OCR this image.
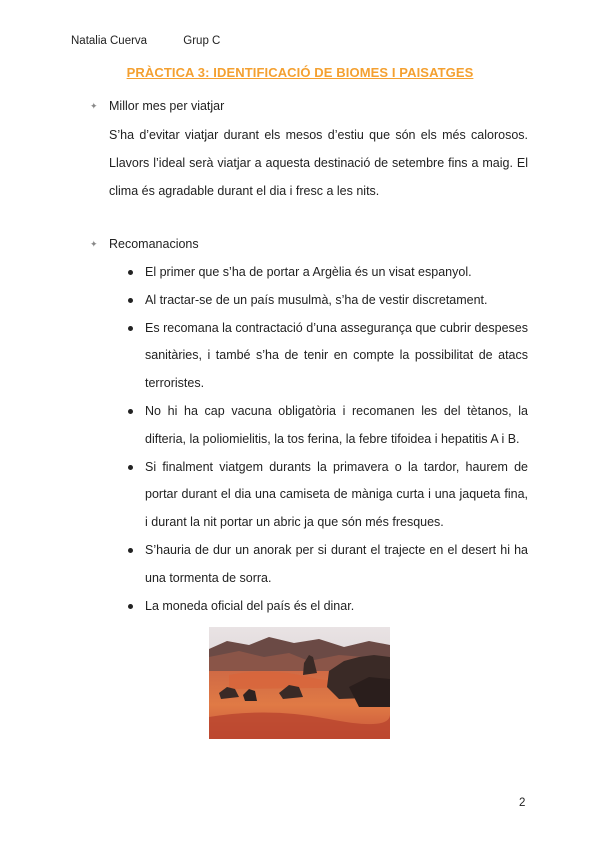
Natalia Cuerva	Grup C
PRÀCTICA 3: IDENTIFICACIÓ DE BIOMES I PAISATGES
✦ Millor mes per viatjar
S’ha d’evitar viatjar durant els mesos d’estiu que són els més calorosos. Llavors l’ideal serà viatjar a aquesta destinació de setembre fins a maig. El clima és agradable durant el dia i fresc a les nits.
✦ Recomanacions
El primer que s’ha de portar a Argèlia és un visat espanyol.
Al tractar-se de un país musulmà, s’ha de vestir discretament.
Es recomana la contractació d’una assegurança que cubrir despeses sanitàries, i també s’ha de tenir en compte la possibilitat de atacs terroristes.
No hi ha cap vacuna obligatòria i recomanen les del tètanos, la difteria, la poliomielitis, la tos ferina, la febre tifoidea i hepatitis A i B.
Si finalment viatgem durants la primavera o la tardor, haurem de portar durant el dia una camiseta de màniga curta i una jaqueta fina, i durant la nit portar un abric ja que són més fresques.
S’hauria de dur un anorak per si durant el trajecte en el desert hi ha una tormenta de sorra.
La moneda oficial del país és el dinar.
2
